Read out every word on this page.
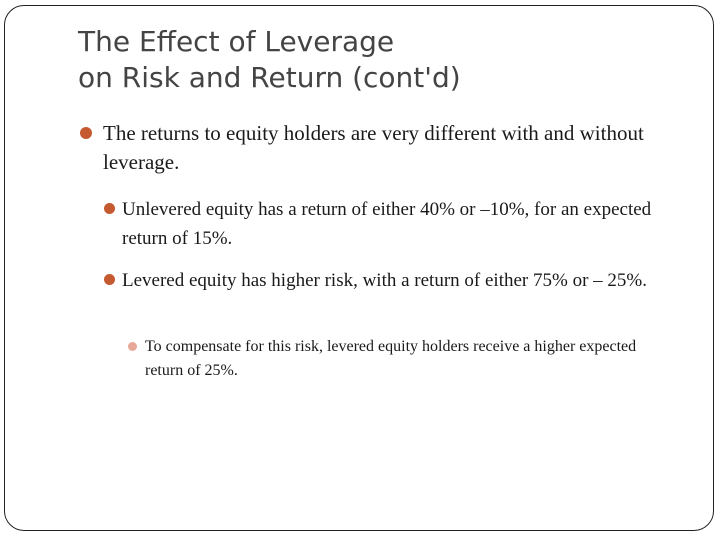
The Effect of Leverage
on Risk and Return (cont'd)
The returns to equity holders are very different with and without leverage.
Unlevered equity has a return of either 40% or –10%, for an expected return of 15%.
Levered equity has higher risk, with a return of either 75% or – 25%.
To compensate for this risk, levered equity holders receive a higher expected return of 25%.
